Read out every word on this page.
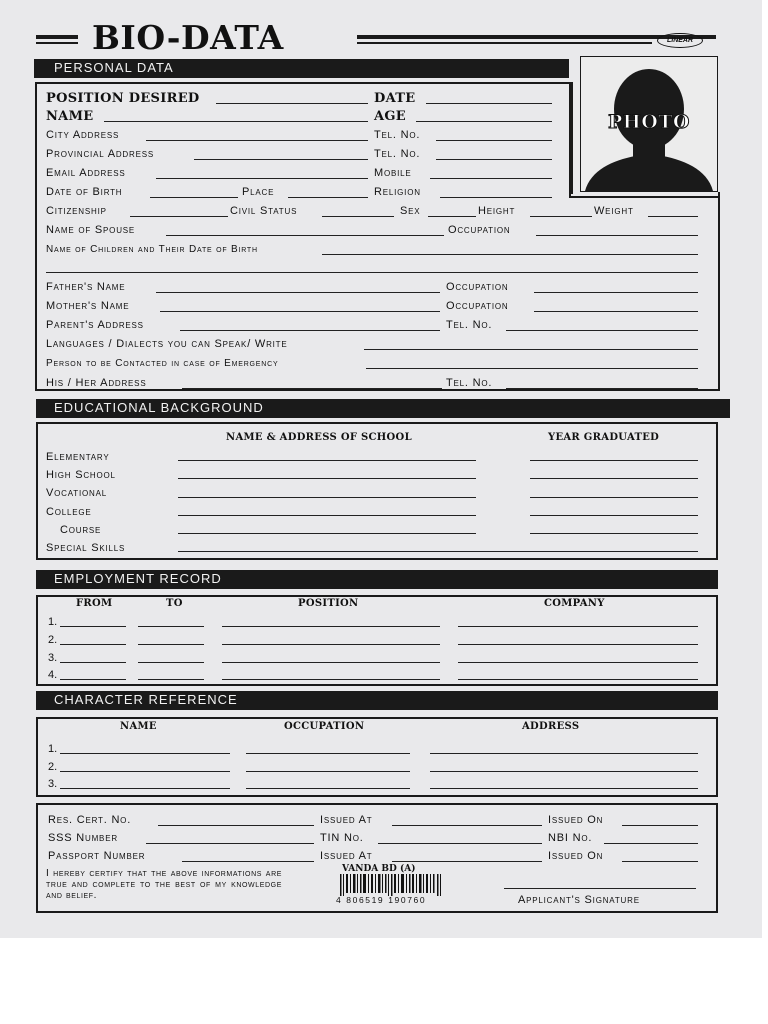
BIO-DATA	LINEAR
PERSONAL DATA
PHOTO
POSITION DESIRED	DATE
NAME	AGE
City Address	Tel. No.
Provincial Address	Tel. No.
Email Address	Mobile
Date of Birth	Place	Religion
Citizenship	Civil Status	Sex	Height	Weight
Name of Spouse	Occupation
Name of Children and Their Date of Birth
Father's Name	Occupation
Mother's Name	Occupation
Parent's Address	Tel. No.
Languages / Dialects you can Speak/ Write
Person to be Contacted in case of Emergency
His / Her Address	Tel. No.
EDUCATIONAL BACKGROUND
NAME & ADDRESS OF SCHOOL	YEAR GRADUATED
Elementary
High School
Vocational
College
Course
Special Skills
EMPLOYMENT RECORD
FROM	TO	POSITION	COMPANY
1.
2.
3.
4.
CHARACTER REFERENCE
NAME	OCCUPATION	ADDRESS
1.
2.
3.
Res. Cert. No.	Issued At	Issued On
SSS Number	TIN No.	NBI No.
Passport Number	Issued At	Issued On
I hereby certify that the above informations are true and complete to the best of my knowledge and belief.
VANDA BD (A)
4 806519 190760	Applicant's Signature
